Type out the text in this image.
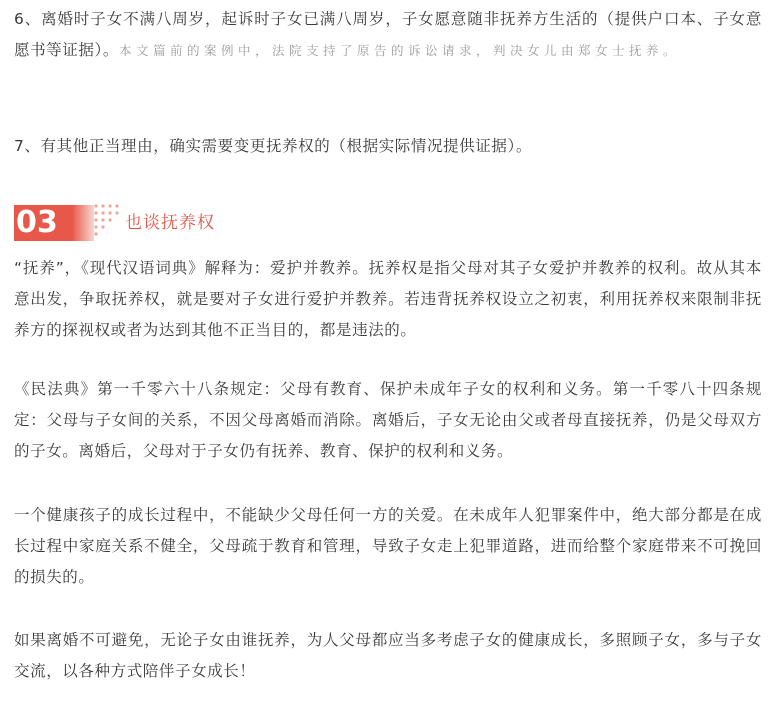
6、离婚时子女不满八周岁，起诉时子女已满八周岁，子女愿意随非抚养方生活的（提供户口本、子女意愿书等证据）。本文篇前的案例中，法院支持了原告的诉讼请求，判决女儿由郑女士抚养。

7、有其他正当理由，确实需要变更抚养权的（根据实际情况提供证据）。

03	也谈抚养权

“抚养”，《现代汉语词典》解释为：爱护并教养。抚养权是指父母对其子女爱护并教养的权利。故从其本意出发，争取抚养权，就是要对子女进行爱护并教养。若违背抚养权设立之初衷，利用抚养权来限制非抚养方的探视权或者为达到其他不正当目的，都是违法的。

《民法典》第一千零六十八条规定：父母有教育、保护未成年子女的权利和义务。第一千零八十四条规定：父母与子女间的关系，不因父母离婚而消除。离婚后，子女无论由父或者母直接抚养，仍是父母双方的子女。离婚后，父母对于子女仍有抚养、教育、保护的权利和义务。

一个健康孩子的成长过程中，不能缺少父母任何一方的关爱。在未成年人犯罪案件中，绝大部分都是在成长过程中家庭关系不健全，父母疏于教育和管理，导致子女走上犯罪道路，进而给整个家庭带来不可挽回的损失的。

如果离婚不可避免，无论子女由谁抚养，为人父母都应当多考虑子女的健康成长，多照顾子女，多与子女交流，以各种方式陪伴子女成长！
